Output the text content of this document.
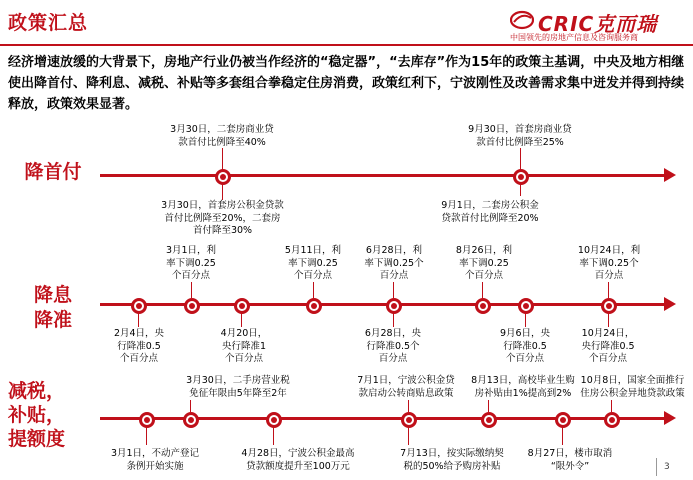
政策汇总	CRIC克而瑞
中国领先的房地产信息及咨询服务商
经济增速放缓的大背景下，房地产行业仍被当作经济的“稳定器”，“去库存”作为15年的政策主基调，中央及地方相继使出降首付、降利息、减税、补贴等多套组合拳稳定住房消费，政策红利下，宁波刚性及改善需求集中迸发并得到持续释放，政策效果显著。
降首付
3月30日，二套房商业贷
款首付比例降至40%
9月30日，首套房商业贷
款首付比例降至25%
3月30日，首套房公积金贷款
首付比例降至20%，二套房
首付降至30%
9月1日，二套房公积金
贷款首付比例降至20%
降息
降准
3月1日，利
率下调0.25
个百分点
5月11日，利
率下调0.25
个百分点
6月28日，利
率下调0.25个
百分点
8月26日，利
率下调0.25
个百分点
10月24日，利
率下调0.25个
百分点
2月4日，央
行降准0.5
个百分点
4月20日，
央行降准1
个百分点
6月28日，央
行降准0.5个
百分点
9月6日，央
行降准0.5
个百分点
10月24日，
央行降准0.5
个百分点
减税，
补贴，
提额度
3月30日，二手房营业税
免征年限由5年降至2年
7月1日，宁波公积金贷
款启动公转商贴息政策
8月13日，高校毕业生购
房补贴由1%提高到2%
10月8日，国家全面推行
住房公积金异地贷款政策
3月1日，不动产登记
条例开始实施
4月28日，宁波公积金最高
贷款额度提升至100万元
7月13日，按实际缴纳契
税的50%给予购房补贴
8月27日，楼市取消
“限外令”	3
